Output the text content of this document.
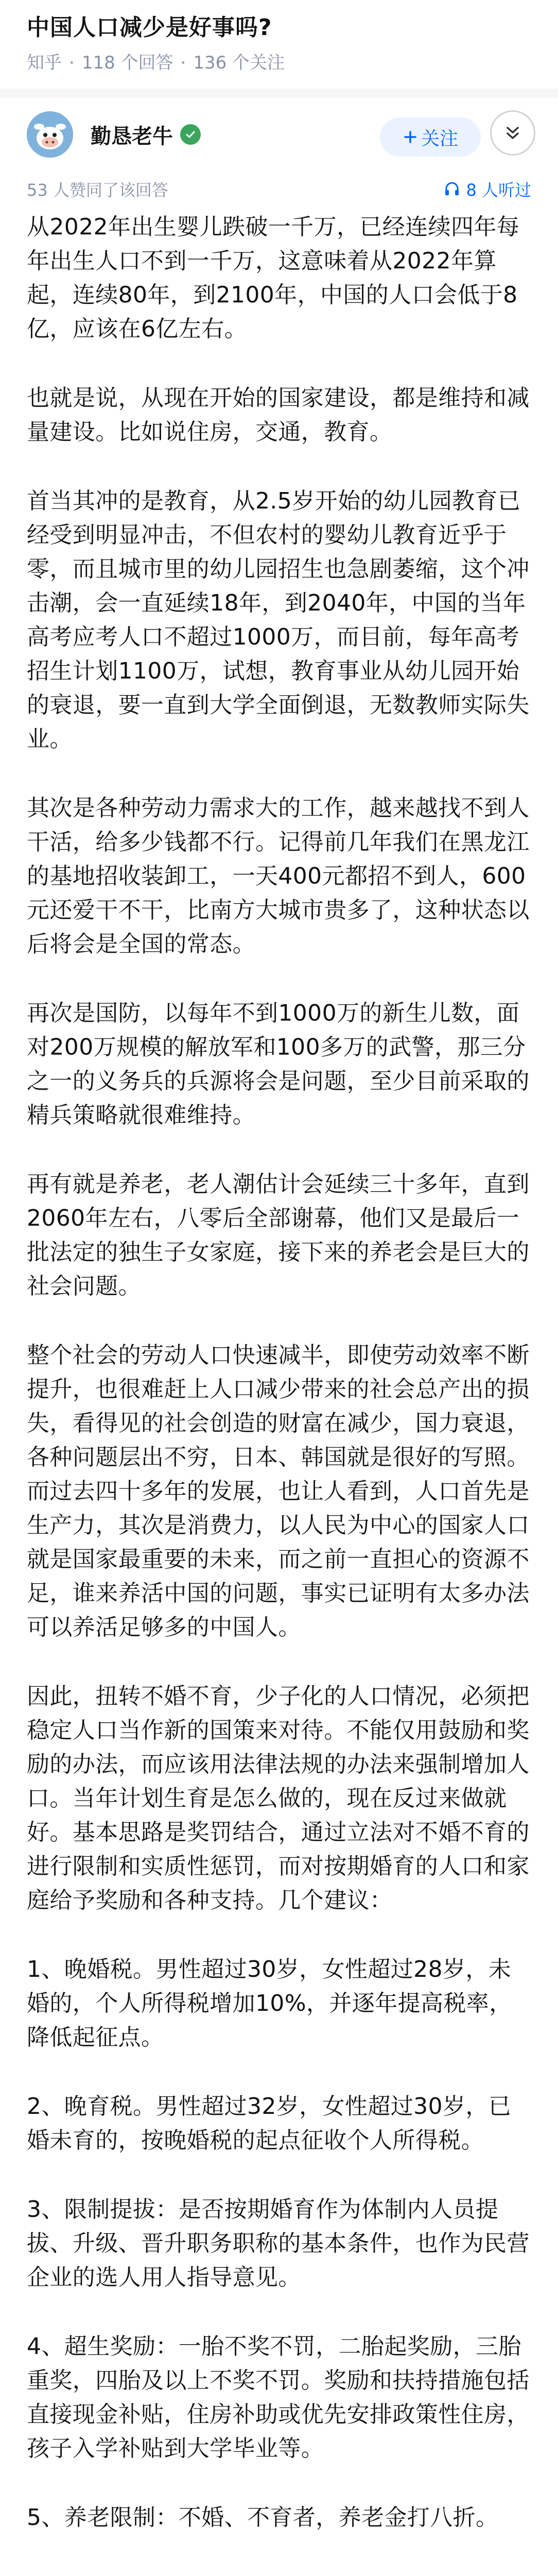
中国人口减少是好事吗?
知乎 · 118 个回答 · 136 个关注
勤恳老牛	关注
53 人赞同了该回答	8 人听过

从2022年出生婴儿跌破一千万，已经连续四年每年出生人口不到一千万，这意味着从2022年算起，连续80年，到2100年，中国的人口会低于8亿，应该在6亿左右。

也就是说，从现在开始的国家建设，都是维持和减量建设。比如说住房，交通，教育。

首当其冲的是教育，从2.5岁开始的幼儿园教育已经受到明显冲击，不但农村的婴幼儿教育近乎于零，而且城市里的幼儿园招生也急剧萎缩，这个冲击潮，会一直延续18年，到2040年，中国的当年高考应考人口不超过1000万，而目前，每年高考招生计划1100万，试想，教育事业从幼儿园开始的衰退，要一直到大学全面倒退，无数教师实际失业。

其次是各种劳动力需求大的工作，越来越找不到人干活，给多少钱都不行。记得前几年我们在黑龙江的基地招收装卸工，一天400元都招不到人，600元还爱干不干，比南方大城市贵多了，这种状态以后将会是全国的常态。

再次是国防，以每年不到1000万的新生儿数，面对200万规模的解放军和100多万的武警，那三分之一的义务兵的兵源将会是问题，至少目前采取的精兵策略就很难维持。

再有就是养老，老人潮估计会延续三十多年，直到2060年左右，八零后全部谢幕，他们又是最后一批法定的独生子女家庭，接下来的养老会是巨大的社会问题。

整个社会的劳动人口快速减半，即使劳动效率不断提升，也很难赶上人口减少带来的社会总产出的损失，看得见的社会创造的财富在减少，国力衰退，各种问题层出不穷，日本、韩国就是很好的写照。而过去四十多年的发展，也让人看到，人口首先是生产力，其次是消费力，以人民为中心的国家人口就是国家最重要的未来，而之前一直担心的资源不足，谁来养活中国的问题，事实已证明有太多办法可以养活足够多的中国人。

因此，扭转不婚不育，少子化的人口情况，必须把稳定人口当作新的国策来对待。不能仅用鼓励和奖励的办法，而应该用法律法规的办法来强制增加人口。当年计划生育是怎么做的，现在反过来做就好。基本思路是奖罚结合，通过立法对不婚不育的进行限制和实质性惩罚，而对按期婚育的人口和家庭给予奖励和各种支持。几个建议：

1、晚婚税。男性超过30岁，女性超过28岁，未婚的，个人所得税增加10%，并逐年提高税率，降低起征点。

2、晚育税。男性超过32岁，女性超过30岁，已婚未育的，按晚婚税的起点征收个人所得税。

3、限制提拔：是否按期婚育作为体制内人员提拔、升级、晋升职务职称的基本条件，也作为民营企业的选人用人指导意见。

4、超生奖励：一胎不奖不罚，二胎起奖励，三胎重奖，四胎及以上不奖不罚。奖励和扶持措施包括直接现金补贴，住房补助或优先安排政策性住房，孩子入学补贴到大学毕业等。

5、养老限制：不婚、不育者，养老金打八折。
